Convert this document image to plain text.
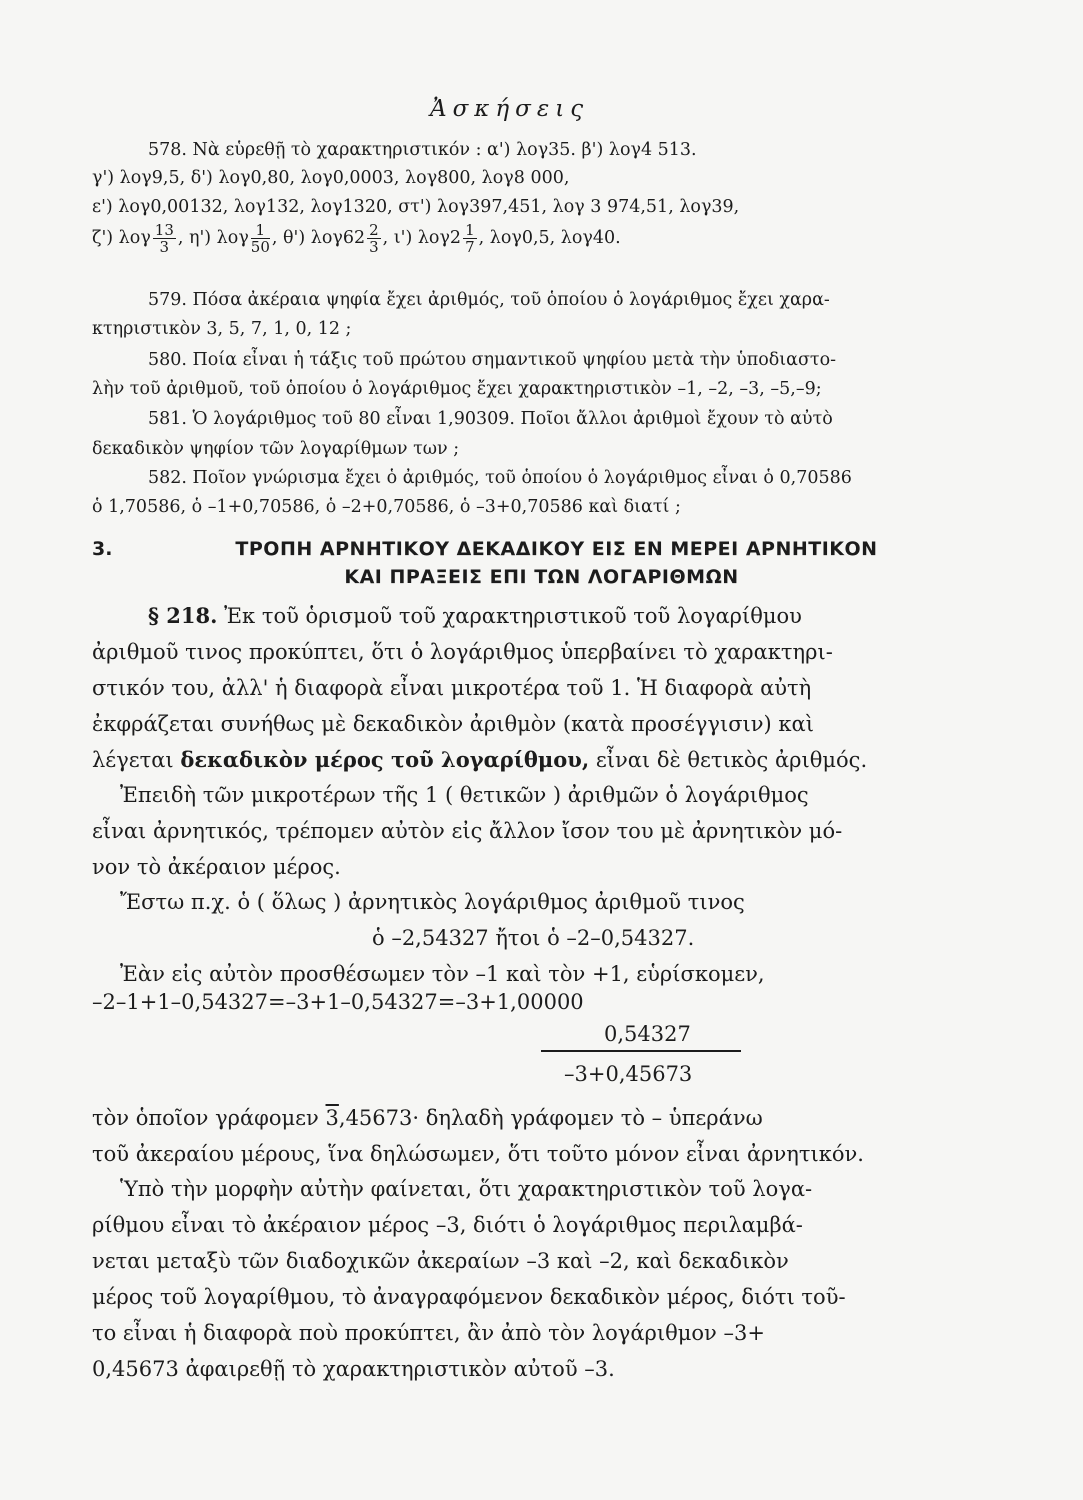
Ἀσκήσεις
578. Νὰ εὑρεθῇ τὸ χαρακτηριστικόν : α') λογ35. β') λογ4 513.
γ') λογ9,5, δ') λογ0,80, λογ0,0003, λογ800, λογ8 000,
ε') λογ0,00132, λογ132, λογ1320, στ') λογ397,451, λογ 3 974,51, λογ39,
ζ') λογ $\frac{13}{3}$ , η') λογ $\frac{1}{50}$ , θ') $\lambda o\gamma 62 \frac{2}{3}$ , ι') $\lambda o\gamma 2 \frac{1}{7}$ , λογ0,5, λογ40.
579. Πόσα ἀκέραια ψηφία ἔχει ἀριθμός, τοῦ ὁποίου ὁ λογάριθμος ἔχει χαρα-
κτηριστικὸν 3, 5, 7, 1, 0, 12 ;
580. Ποία εἶναι ἡ τάξις τοῦ πρώτου σημαντικοῦ ψηφίου μετὰ τὴν ὑποδιαστο-
λὴν τοῦ ἀριθμοῦ, τοῦ ὁποίου ὁ λογάριθμος ἔχει χαρακτηριστικὸν –1, –2, –3, –5,–9;
581. Ὁ λογάριθμος τοῦ 80 εἶναι 1,90309. Ποῖοι ἄλλοι ἀριθμοὶ ἔχουν τὸ αὐτὸ
δεκαδικὸν ψηφίον τῶν λογαρίθμων των ;
582. Ποῖον γνώρισμα ἔχει ὁ ἀριθμός, τοῦ ὁποίου ὁ λογάριθμος εἶναι ὁ 0,70586
ὁ 1,70586, ὁ –1+0,70586, ὁ –2+0,70586, ὁ –3+0,70586 καὶ διατί ;
3.	ΤΡΟΠΗ ΑΡΝΗΤΙΚΟΥ ΔΕΚΑΔΙΚΟΥ ΕΙΣ ΕΝ ΜΕΡΕΙ ΑΡΝΗΤΙΚΟΝ
ΚΑΙ ΠΡΑΞΕΙΣ ΕΠΙ ΤΩΝ ΛΟΓΑΡΙΘΜΩΝ
§ 218. Ἐκ τοῦ ὁρισμοῦ τοῦ χαρακτηριστικοῦ τοῦ λογαρίθμου
ἀριθμοῦ τινος προκύπτει, ὅτι ὁ λογάριθμος ὑπερβαίνει τὸ χαρακτηρι-
στικόν του, ἀλλ' ἡ διαφορὰ εἶναι μικροτέρα τοῦ 1. Ἡ διαφορὰ αὐτὴ
ἐκφράζεται συνήθως μὲ δεκαδικὸν ἀριθμὸν (κατὰ προσέγγισιν) καὶ
λέγεται δεκαδικὸν μέρος τοῦ λογαρίθμου, εἶναι δὲ θετικὸς ἀριθμός.
Ἐπειδὴ τῶν μικροτέρων τῆς 1 ( θετικῶν ) ἀριθμῶν ὁ λογάριθμος
εἶναι ἀρνητικός, τρέπομεν αὐτὸν εἰς ἄλλον ἴσον του μὲ ἀρνητικὸν μό-
νον τὸ ἀκέραιον μέρος.
Ἔστω π.χ. ὁ ( ὅλως ) ἀρνητικὸς λογάριθμος ἀριθμοῦ τινος
ὁ –2,54327 ἤτοι ὁ –2–0,54327.
Ἐὰν εἰς αὐτὸν προσθέσωμεν τὸν –1 καὶ τὸν +1, εὑρίσκομεν,
–2–1+1–0,54327=–3+1–0,54327=–3+1,00000
0,54327
–3+0,45673
τὸν ὁποῖον γράφομεν 3,45673· δηλαδὴ γράφομεν τὸ – ὑπεράνω
τοῦ ἀκεραίου μέρους, ἵνα δηλώσωμεν, ὅτι τοῦτο μόνον εἶναι ἀρνητικόν.
Ὑπὸ τὴν μορφὴν αὐτὴν φαίνεται, ὅτι χαρακτηριστικὸν τοῦ λογα-
ρίθμου εἶναι τὸ ἀκέραιον μέρος –3, διότι ὁ λογάριθμος περιλαμβά-
νεται μεταξὺ τῶν διαδοχικῶν ἀκεραίων –3 καὶ –2, καὶ δεκαδικὸν
μέρος τοῦ λογαρίθμου, τὸ ἀναγραφόμενον δεκαδικὸν μέρος, διότι τοῦ-
το εἶναι ἡ διαφορὰ ποὺ προκύπτει, ἂν ἀπὸ τὸν λογάριθμον –3+
0,45673 ἀφαιρεθῇ τὸ χαρακτηριστικὸν αὐτοῦ –3.
